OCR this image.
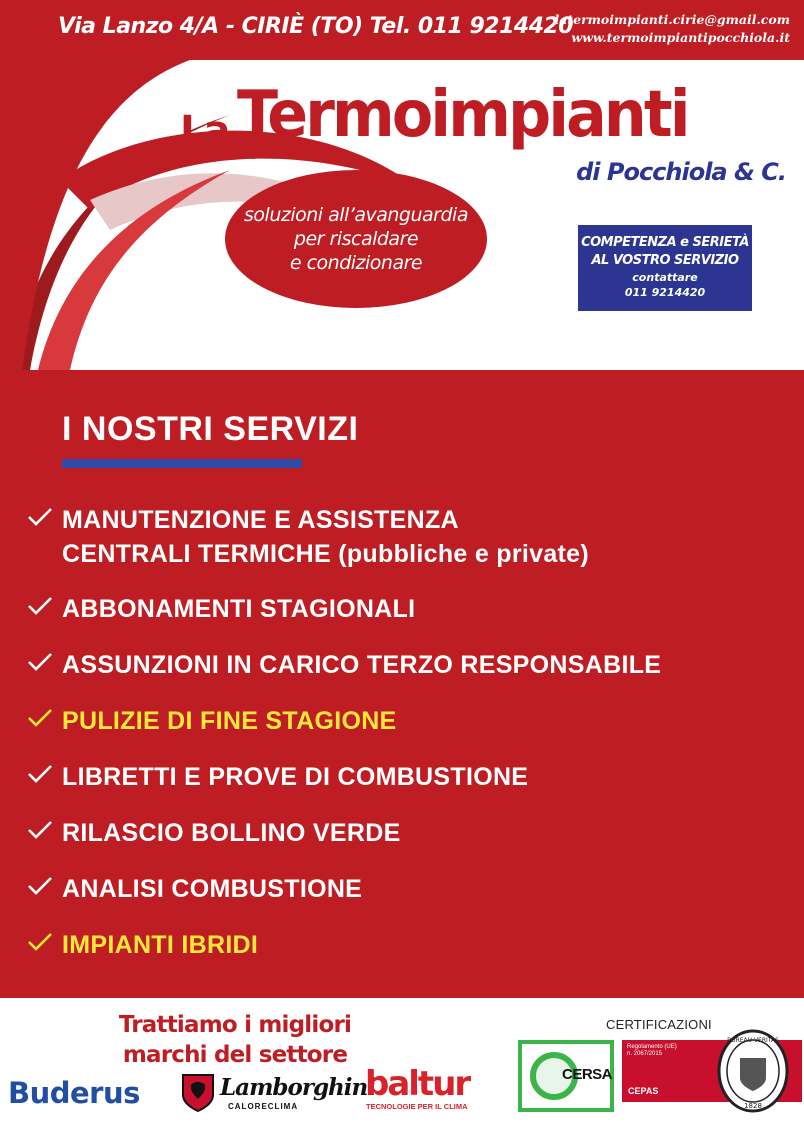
Via Lanzo 4/A - CIRIÈ (TO) Tel. 011 9214420
latermoimpianti.cirie@gmail.com
www.termoimpiantipocchiola.it
La Termoimpianti
di Pocchiola & C.
soluzioni all’avanguardia
per riscaldare
e condizionare
COMPETENZA e SERIETÀ
AL VOSTRO SERVIZIO
contattare
011 9214420
I NOSTRI SERVIZI
MANUTENZIONE E ASSISTENZA
CENTRALI TERMICHE (pubbliche e private)
ABBONAMENTI STAGIONALI
ASSUNZIONI IN CARICO TERZO RESPONSABILE
PULIZIE DI FINE STAGIONE
LIBRETTI E PROVE DI COMBUSTIONE
RILASCIO BOLLINO VERDE
ANALISI COMBUSTIONE
IMPIANTI IBRIDI
Trattiamo i migliori
marchi del settore
Buderus	Lamborghini
CALORECLIMA
baltur
TECNOLOGIE PER IL CLIMA
CERTIFICAZIONI
CERSA
Regolamento (UE)
n. 2067/2015
CEPAS
BUREAU VERITAS
1828
